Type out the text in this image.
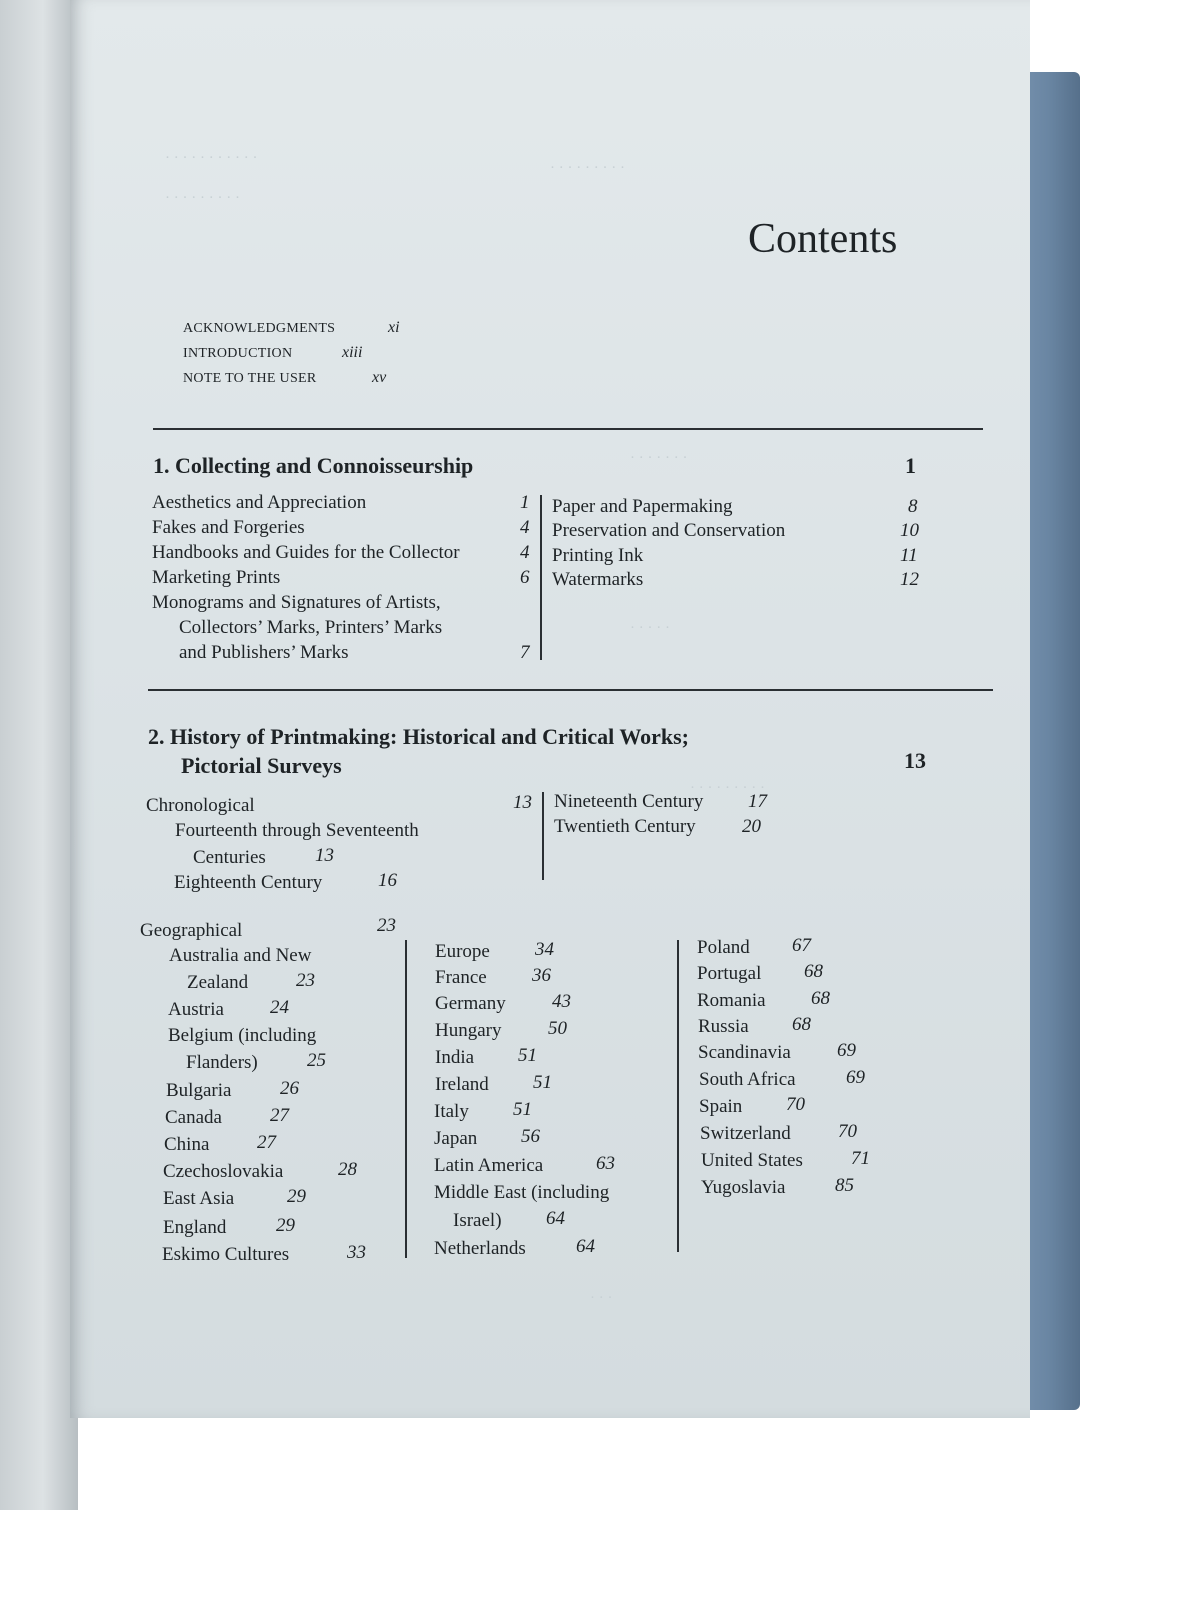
· · · · · · · · · · ·
· · · · · · · · ·
· · · · · · · · ·
· · · · · · ·
· · · · ·
· · · · · · · · ·
· · ·
Contents
ACKNOWLEDGMENTS	xi
INTRODUCTION	xiii
NOTE TO THE USER	xv
1. Collecting and Connoisseurship	1
Aesthetics and Appreciation	1
Fakes and Forgeries	4
Handbooks and Guides for the Collector	4
Marketing Prints	6
Monograms and Signatures of Artists,
Collectors’ Marks, Printers’ Marks
and Publishers’ Marks	7
Paper and Papermaking	8
Preservation and Conservation	10
Printing Ink	11
Watermarks	12
2. History of Printmaking: Historical and Critical Works;
Pictorial Surveys	13
Chronological	13
Fourteenth through Seventeenth
Centuries	13
Eighteenth Century	16
Nineteenth Century 17
Twentieth Century 20
Geographical	23
Australia and New
Zealand	23
Austria 24
Belgium (including
Flanders)	25
Bulgaria	26
Canada	27
China	27
Czechoslovakia	28
East Asia	29
England	29
Eskimo Cultures	33
Europe 34
France 36
Germany 43
Hungary 50
India 51
Ireland 51
Italy 51
Japan 56
Latin America	63
Middle East (including
Israel) 64
Netherlands	64
Poland 67
Portugal 68
Romania 68
Russia 68
Scandinavia 69
South Africa	69
Spain 70
Switzerland 70
United States	71
Yugoslavia	85
